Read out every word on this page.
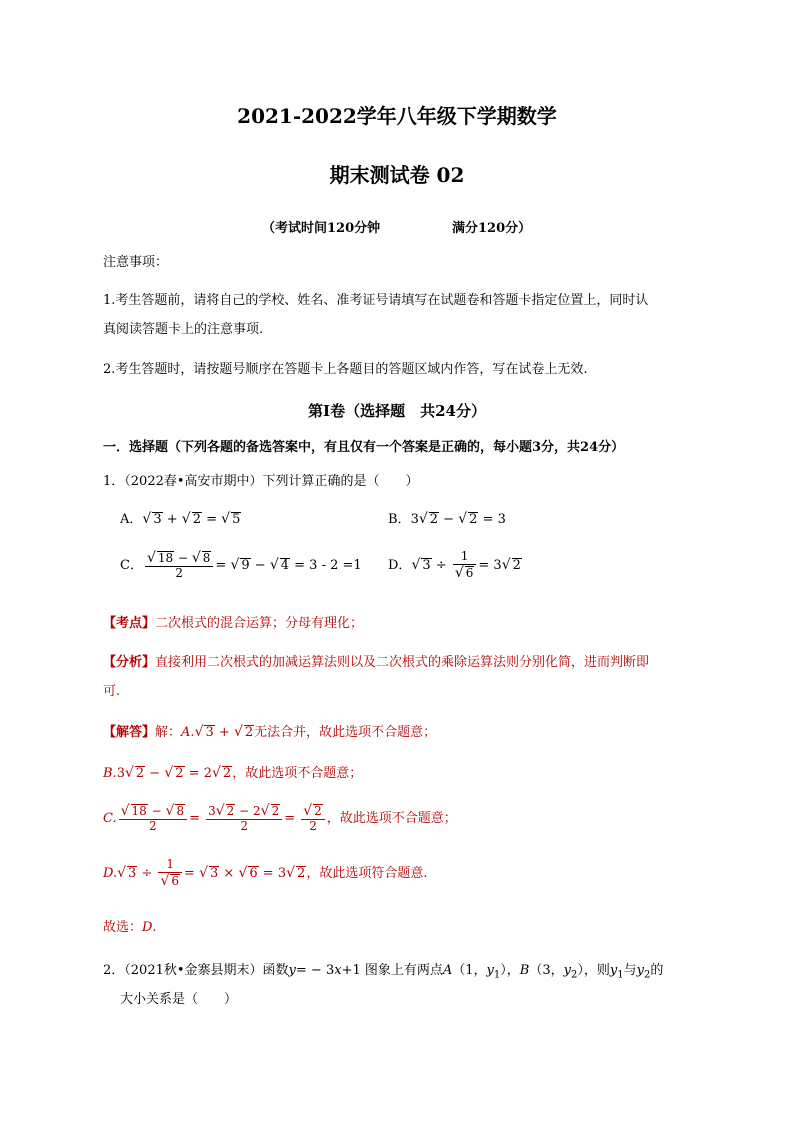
2021-2022学年八年级下学期数学
期末测试卷 02
（考试时间120分钟	满分120分）
注意事项：
1.考生答题前，请将自己的学校、姓名、准考证号请填写在试题卷和答题卡指定位置上，同时认
真阅读答题卡上的注意事项.
2.考生答题时，请按题号顺序在答题卡上各题目的答题区域内作答，写在试卷上无效.
第Ⅰ卷（选择题　共24分）
一．选择题（下列各题的备选答案中，有且仅有一个答案是正确的，每小题3分，共24分）
1．（2022春•高安市期中）下列计算正确的是（　　）
A．√ 3 + √ 2 = √ 5	B．3√ 2 − √ 2 = 3
C． $\frac{√ 18 - √ 8}{2}$ = √ 9 − √ 4 = 3 - 2 =1 D．√ $3 \div \frac{1}{√ 6} = 3√$ 2
【考点】二次根式的混合运算；分母有理化；
【分析】直接利用二次根式的加减运算法则以及二次根式的乘除运算法则分别化简，进而判断即
可.
【解答】解：A.√ 3 + √ 2无法合并，故此选项不合题意；
B.3√ 2 − √ 2 = 2√ 2，故此选项不合题意；
C. $\frac{√ 18 - √ 8}{2} = \frac{3√ 2 - 2√ 2}{2} = \frac{√ 2}{2}$ ，故此选项不合题意；
D.√ $3 \div \frac{1}{√ 6}$ = √ 3 × √ 6 = 3√ 2，故此选项符合题意.
故选：D.
2．（2021秋•金寨县期末）函数y= − 3x+1 图象上有两点A（1，$y_1$），B（3，$y_2$），则$y_1$与$y_2$的
大小关系是（　　）
